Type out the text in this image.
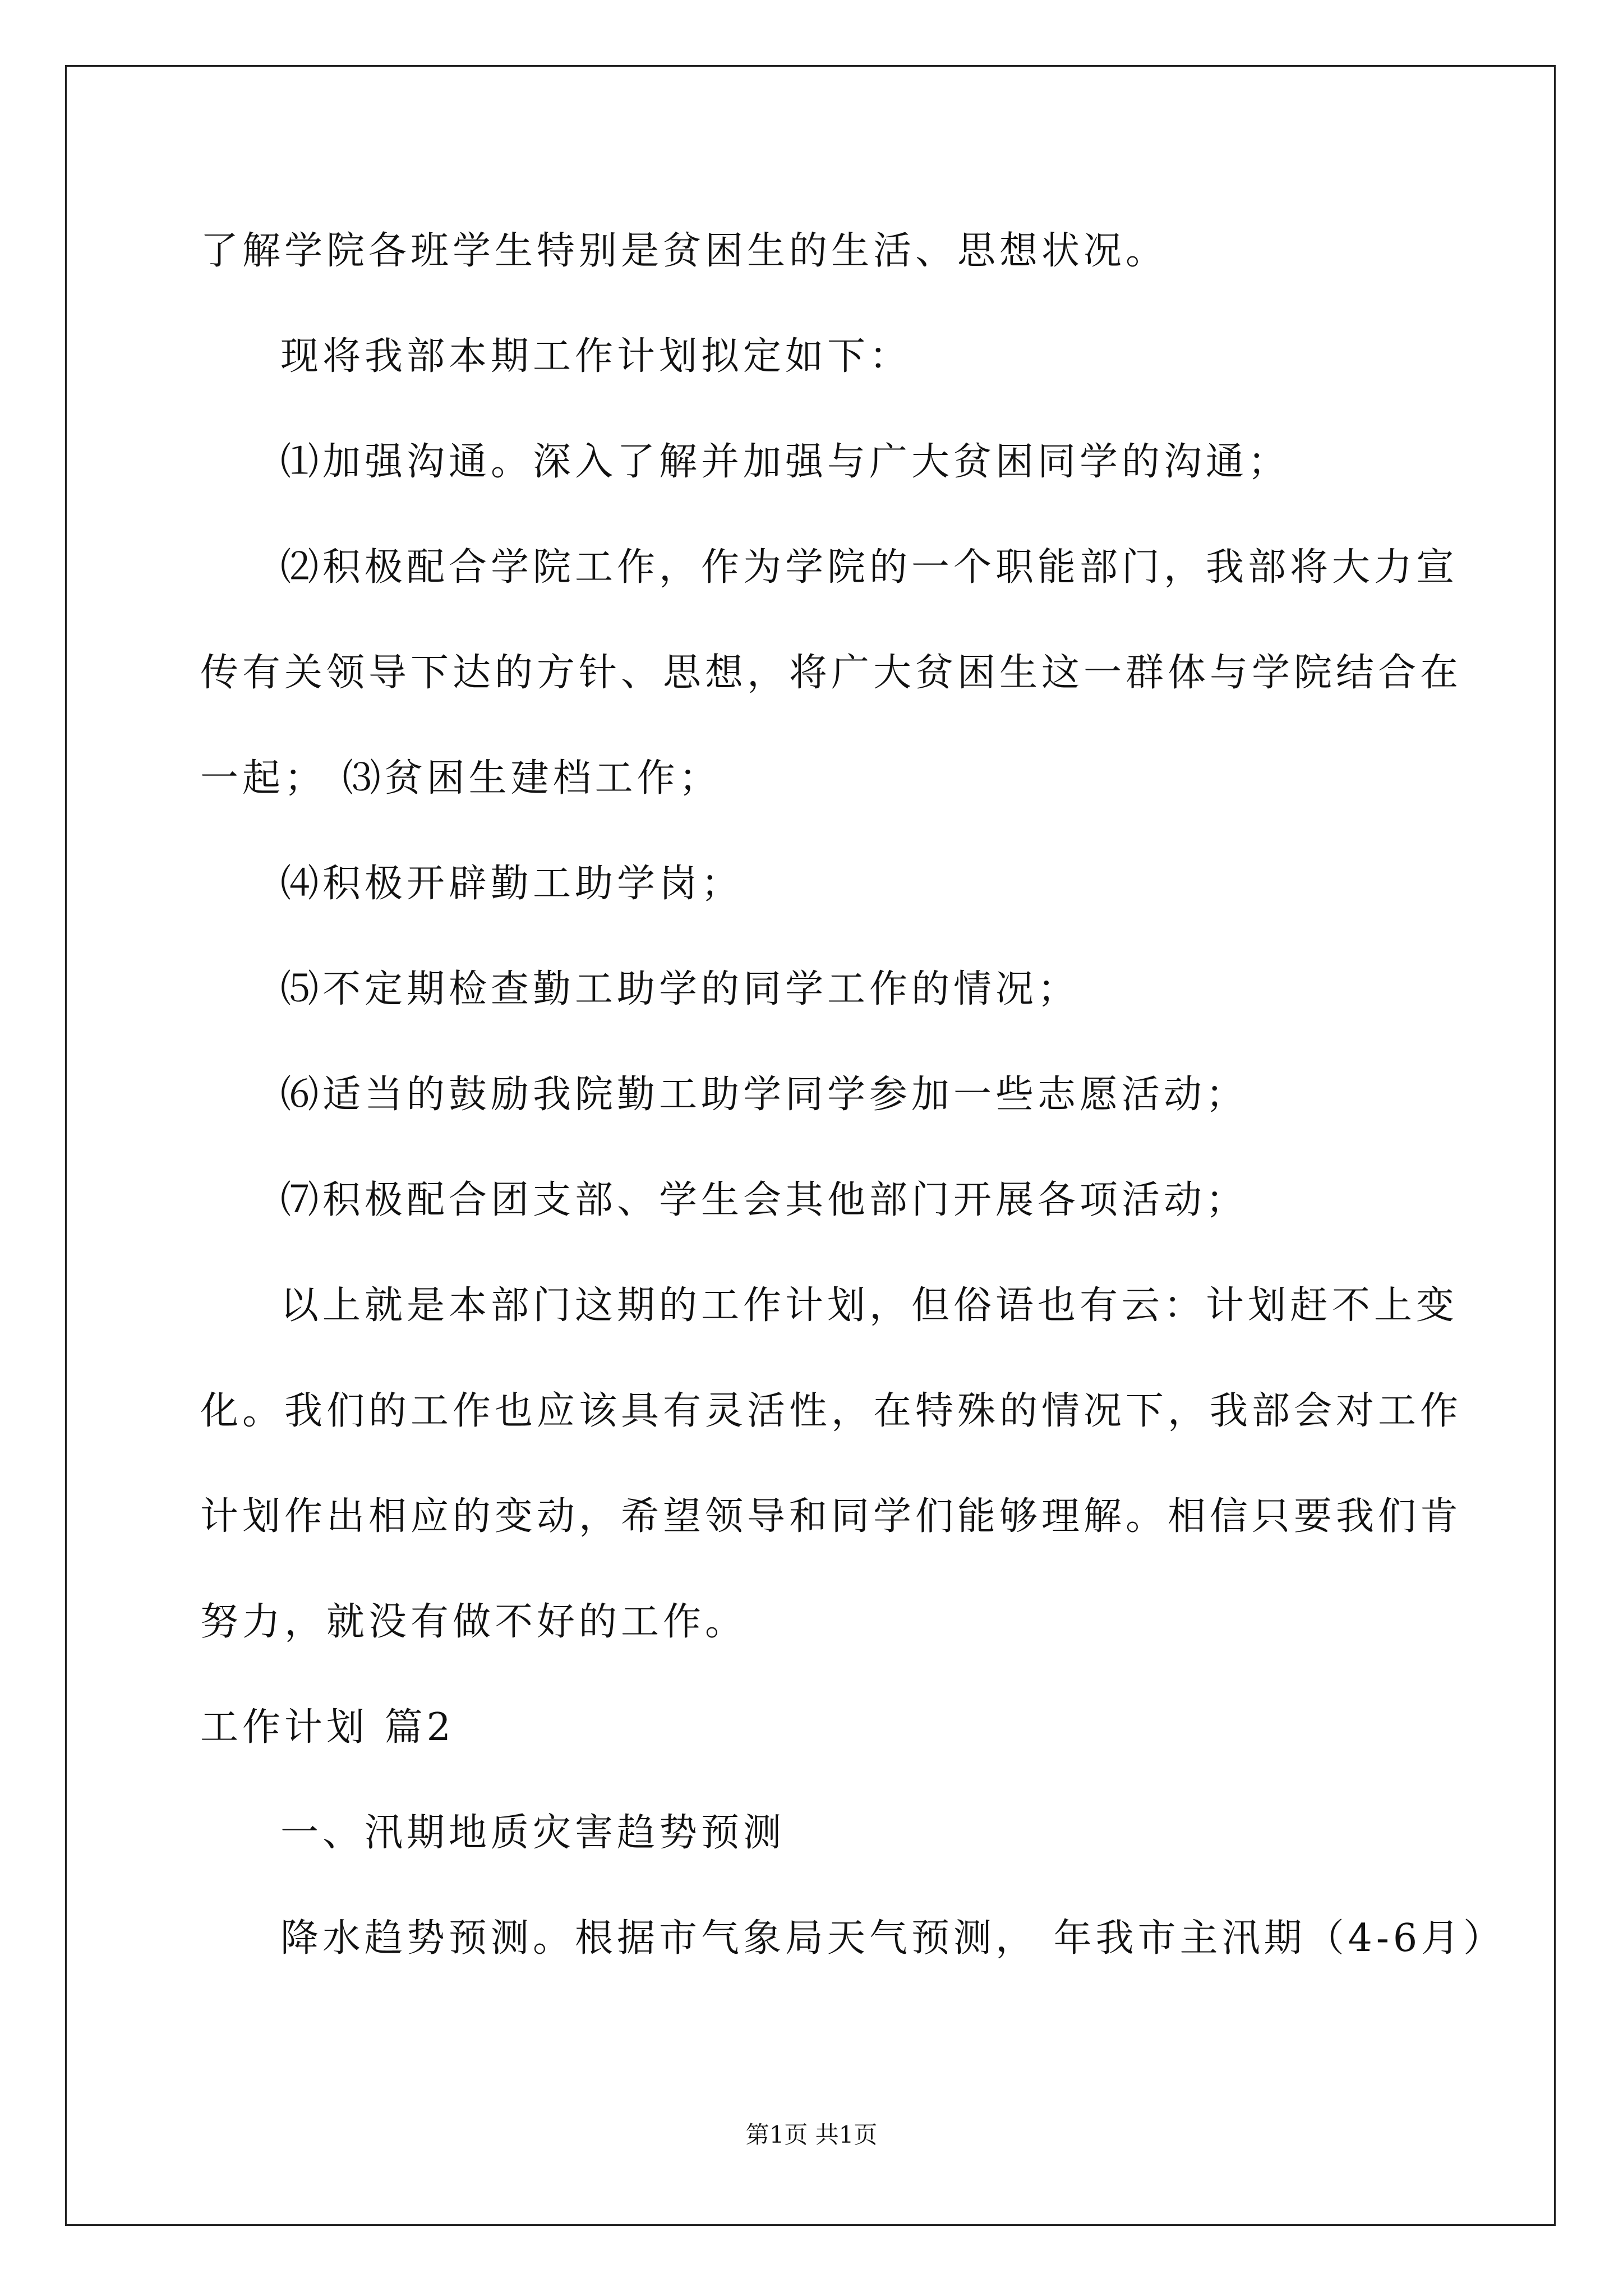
了解学院各班学生特别是贫困生的生活、思想状况。

现将我部本期工作计划拟定如下：

⑴加强沟通。深入了解并加强与广大贫困同学的沟通；

⑵积极配合学院工作，作为学院的一个职能部门，我部将大力宣

传有关领导下达的方针、思想，将广大贫困生这一群体与学院结合在

一起； ⑶贫困生建档工作；

⑷积极开辟勤工助学岗；

⑸不定期检查勤工助学的同学工作的情况；

⑹适当的鼓励我院勤工助学同学参加一些志愿活动；

⑺积极配合团支部、学生会其他部门开展各项活动；

以上就是本部门这期的工作计划，但俗语也有云：计划赶不上变

化。我们的工作也应该具有灵活性，在特殊的情况下，我部会对工作

计划作出相应的变动，希望领导和同学们能够理解。相信只要我们肯

努力，就没有做不好的工作。

工作计划 篇2

一、汛期地质灾害趋势预测

降水趋势预测。根据市气象局天气预测， 年我市主汛期（4-6月）

第1页 共1页
